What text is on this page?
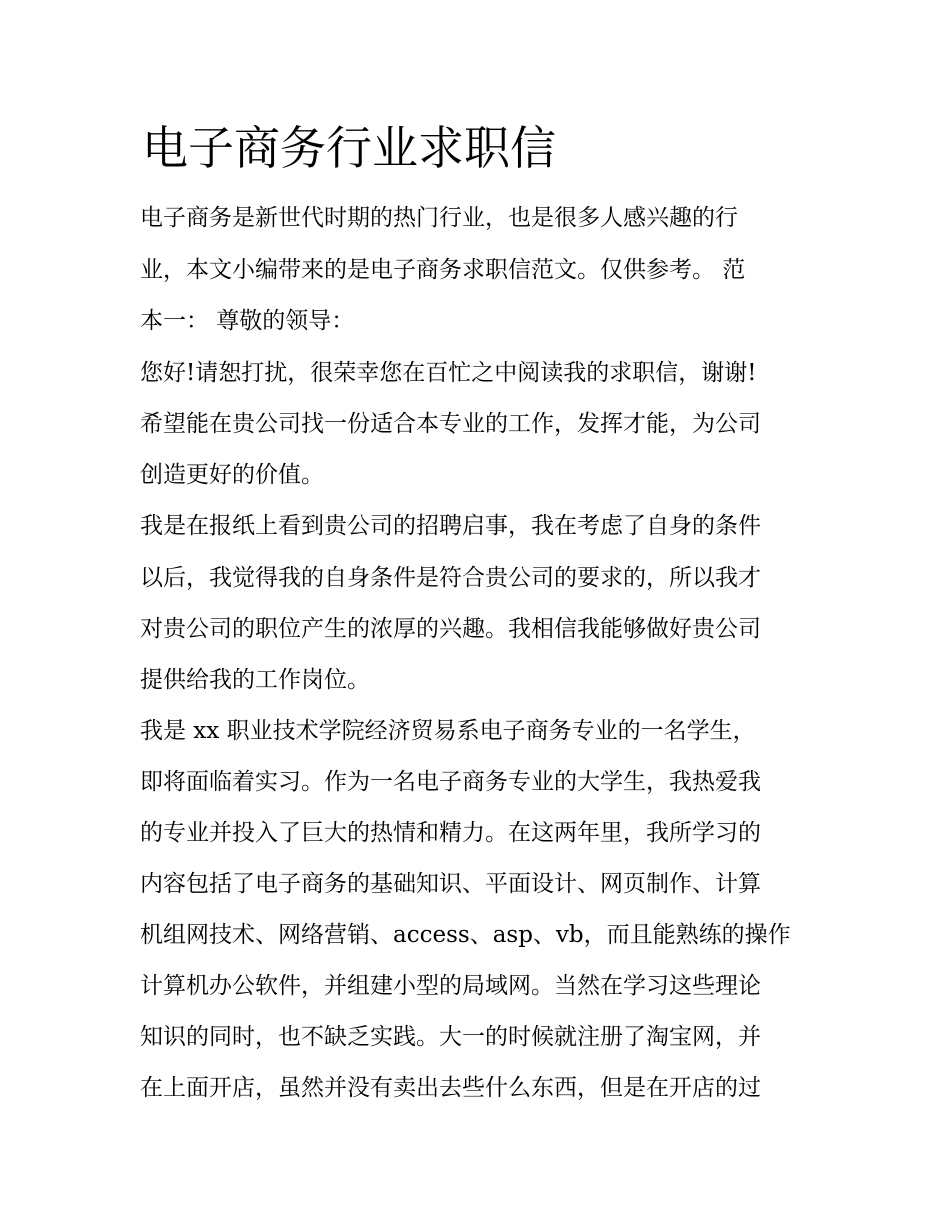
电子商务行业求职信

电子商务是新世代时期的热门行业，也是很多人感兴趣的行

业，本文小编带来的是电子商务求职信范文。仅供参考。 范

本一： 尊敬的领导：

您好!请恕打扰，很荣幸您在百忙之中阅读我的求职信，谢谢!

希望能在贵公司找一份适合本专业的工作，发挥才能，为公司

创造更好的价值。

我是在报纸上看到贵公司的招聘启事，我在考虑了自身的条件

以后，我觉得我的自身条件是符合贵公司的要求的，所以我才

对贵公司的职位产生的浓厚的兴趣。我相信我能够做好贵公司

提供给我的工作岗位。

我是 xx 职业技术学院经济贸易系电子商务专业的一名学生，

即将面临着实习。作为一名电子商务专业的大学生，我热爱我

的专业并投入了巨大的热情和精力。在这两年里，我所学习的

内容包括了电子商务的基础知识、平面设计、网页制作、计算

机组网技术、网络营销、access、asp、vb，而且能熟练的操作

计算机办公软件，并组建小型的局域网。当然在学习这些理论

知识的同时，也不缺乏实践。大一的时候就注册了淘宝网，并

在上面开店，虽然并没有卖出去些什么东西，但是在开店的过
